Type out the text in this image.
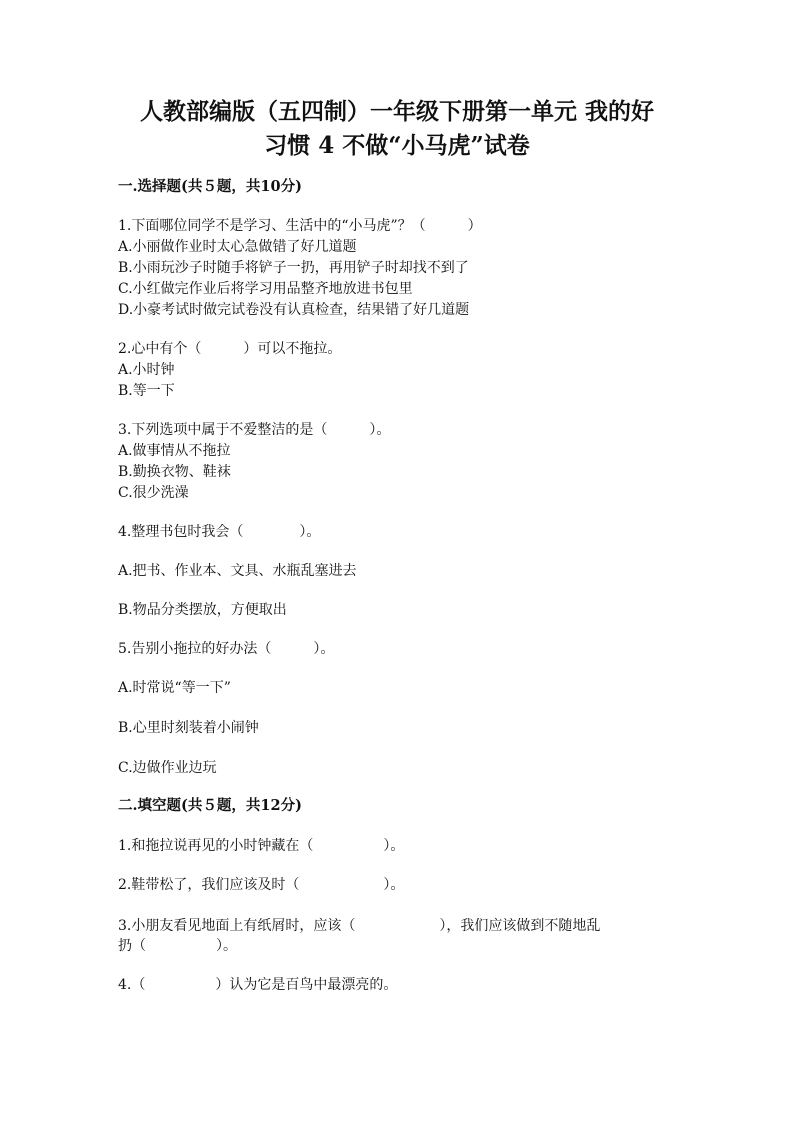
人教部编版（五四制）一年级下册第一单元 我的好
习惯 4 不做“小马虎”试卷
一.选择题(共５题，共10分)
1.下面哪位同学不是学习、生活中的“小马虎”？（　　　）
A.小丽做作业时太心急做错了好几道题
B.小雨玩沙子时随手将铲子一扔，再用铲子时却找不到了
C.小红做完作业后将学习用品整齐地放进书包里
D.小豪考试时做完试卷没有认真检查，结果错了好几道题
2.心中有个（　　　）可以不拖拉。
A.小时钟
B.等一下
3.下列选项中属于不爱整洁的是（　　　）。
A.做事情从不拖拉
B.勤换衣物、鞋袜
C.很少洗澡
4.整理书包时我会（　　　　）。
A.把书、作业本、文具、水瓶乱塞进去
B.物品分类摆放，方便取出
5.告别小拖拉的好办法（　　　）。
A.时常说“等一下”
B.心里时刻装着小闹钟
C.边做作业边玩
二.填空题(共５题，共12分)
1.和拖拉说再见的小时钟藏在（　　　　　）。
2.鞋带松了，我们应该及时（　　　　　　）。
3.小朋友看见地面上有纸屑时，应该（　　　　　　），我们应该做到不随地乱
扔（　　　　　）。
4.（　　　　　）认为它是百鸟中最漂亮的。
